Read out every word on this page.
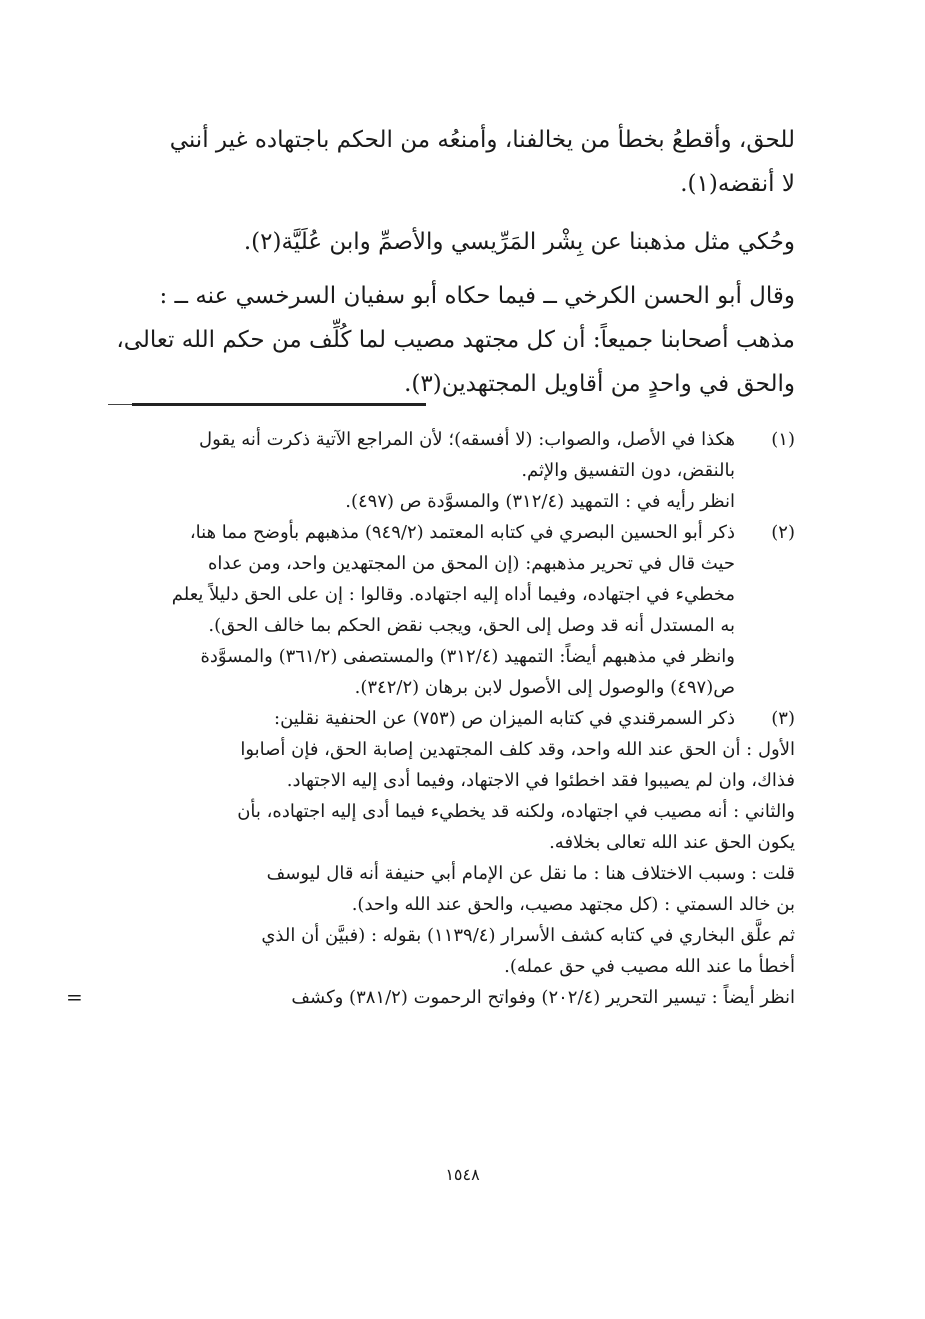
للحق، وأقطعُ بخطأ من يخالفنا، وأمنعُه من الحكم باجتهاده غير أنني

لا أنقضه(١).

وحُكي مثل مذهبنا عن بِشْر المَرِّيسي والأصمِّ وابن عُلَيَّة(٢).

وقال أبو الحسن الكرخي ــ فيما حكاه أبو سفيان السرخسي عنه ــ :

مذهب أصحابنا جميعاً: أن كل مجتهد مصيب لما كُلِّف من حكم الله تعالى،

والحق في واحدٍ من أقاويل المجتهدين(٣).

(١)

هكذا في الأصل، والصواب: (لا أفسقه)؛ لأن المراجع الآتية ذكرت أنه يقول

بالنقض، دون التفسيق والإثم.

انظر رأيه في : التمهيد (٣١٢/٤) والمسوَّدة ص (٤٩٧).

(٢)

ذكر أبو الحسين البصري في كتابه المعتمد (٩٤٩/٢) مذهبهم بأوضح مما هنا،

حيث قال في تحرير مذهبهم: (إن المحق من المجتهدين واحد، ومن عداه

مخطيء في اجتهاده، وفيما أداه إليه اجتهاده. وقالوا : إن على الحق دليلاً يعلم

به المستدل أنه قد وصل إلى الحق، ويجب نقض الحكم بما خالف الحق).

وانظر في مذهبهم أيضاً: التمهيد (٣١٢/٤) والمستصفى (٣٦١/٢) والمسوَّدة

ص(٤٩٧) والوصول إلى الأصول لابن برهان (٣٤٢/٢).

(٣)

ذكر السمرقندي في كتابه الميزان ص (٧٥٣) عن الحنفية نقلين:

الأول : أن الحق عند الله واحد، وقد كلف المجتهدين إصابة الحق، فإن أصابوا

فذاك، وان لم يصيبوا فقد اخطئوا في الاجتهاد، وفيما أدى إليه الاجتهاد.

والثاني : أنه مصيب في اجتهاده، ولكنه قد يخطيء فيما أدى إليه اجتهاده، بأن

يكون الحق عند الله تعالى بخلافه.

قلت : وسبب الاختلاف هنا : ما نقل عن الإمام أبي حنيفة أنه قال ليوسف

بن خالد السمتي : (كل مجتهد مصيب، والحق عند الله واحد).

ثم علَّق البخاري في كتابه كشف الأسرار (١١٣٩/٤) بقوله : (فبيَّن أن الذي

أخطأ ما عند الله مصيب في حق عمله).

انظر أيضاً : تيسير التحرير (٢٠٢/٤) وفواتح الرحموت (٣٨١/٢) وكشف

=
١٥٤٨
